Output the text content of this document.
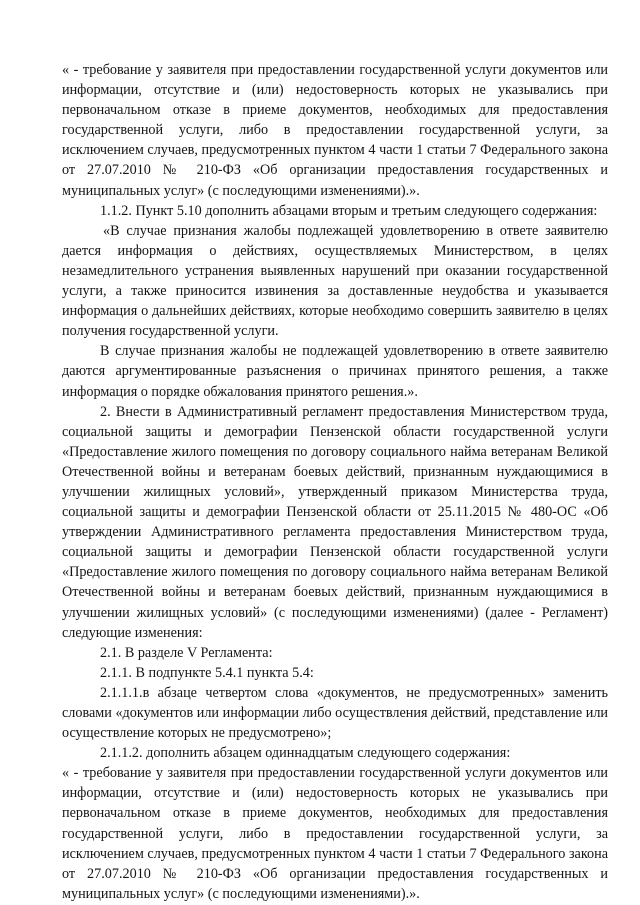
« - требование у заявителя при предоставлении государственной услуги документов или информации, отсутствие и (или) недостоверность которых не указывались при первоначальном отказе в приеме документов, необходимых для предоставления государственной услуги, либо в предоставлении государственной услуги, за исключением случаев, предусмотренных пунктом 4 части 1 статьи 7 Федерального закона от 27.07.2010 № 210-ФЗ «Об организации предоставления государственных и муниципальных услуг» (с последующими изменениями).».

1.1.2. Пункт 5.10 дополнить абзацами вторым и третьим следующего содержания:

«В случае признания жалобы подлежащей удовлетворению в ответе заявителю дается информация о действиях, осуществляемых Министерством, в целях незамедлительного устранения выявленных нарушений при оказании государственной услуги, а также приносится извинения за доставленные неудобства и указывается информация о дальнейших действиях, которые необходимо совершить заявителю в целях получения государственной услуги.

В случае признания жалобы не подлежащей удовлетворению в ответе заявителю даются аргументированные разъяснения о причинах принятого решения, а также информация о порядке обжалования принятого решения.».

2. Внести в Административный регламент предоставления Министерством труда, социальной защиты и демографии Пензенской области государственной услуги «Предоставление жилого помещения по договору социального найма ветеранам Великой Отечественной войны и ветеранам боевых действий, признанным нуждающимися в улучшении жилищных условий», утвержденный приказом Министерства труда, социальной защиты и демографии Пензенской области от 25.11.2015 № 480-ОС «Об утверждении Административного регламента предоставления Министерством труда, социальной защиты и демографии Пензенской области государственной услуги «Предоставление жилого помещения по договору социального найма ветеранам Великой Отечественной войны и ветеранам боевых действий, признанным нуждающимися в улучшении жилищных условий» (с последующими изменениями) (далее - Регламент) следующие изменения:

2.1. В разделе V Регламента:

2.1.1. В подпункте 5.4.1 пункта 5.4:

2.1.1.1.в абзаце четвертом слова «документов, не предусмотренных» заменить словами «документов или информации либо осуществления действий, представление или осуществление которых не предусмотрено»;

2.1.1.2. дополнить абзацем одиннадцатым следующего содержания:

« - требование у заявителя при предоставлении государственной услуги документов или информации, отсутствие и (или) недостоверность которых не указывались при первоначальном отказе в приеме документов, необходимых для предоставления государственной услуги, либо в предоставлении государственной услуги, за исключением случаев, предусмотренных пунктом 4 части 1 статьи 7 Федерального закона от 27.07.2010 № 210-ФЗ «Об организации предоставления государственных и муниципальных услуг» (с последующими изменениями).».
